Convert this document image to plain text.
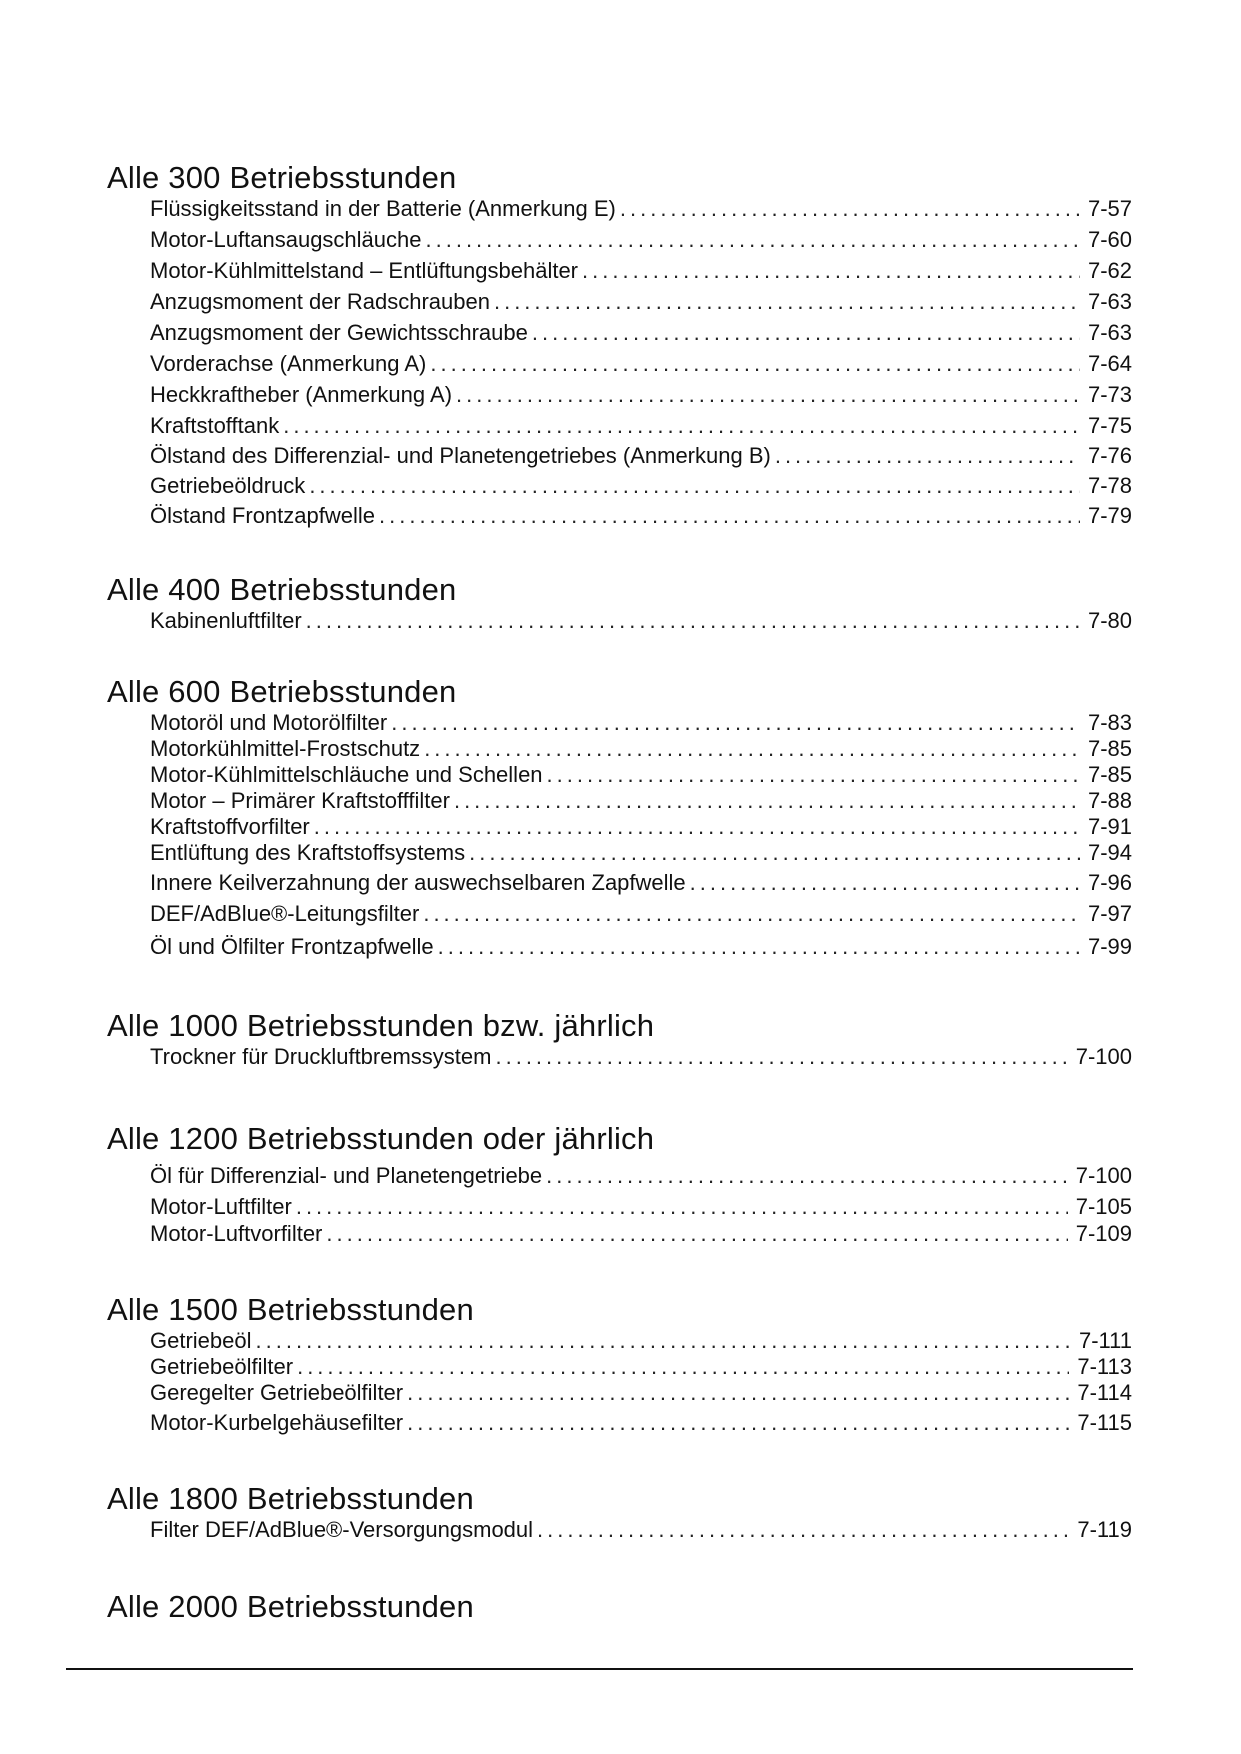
Alle 300 Betriebsstunden
Flüssigkeitsstand in der Batterie (Anmerkung E) .....	7-57
Motor-Luftansaugschläuche .....	7-60
Motor-Kühlmittelstand – Entlüftungsbehälter .....	7-62
Anzugsmoment der Radschrauben .....	7-63
Anzugsmoment der Gewichtsschraube .....	7-63
Vorderachse (Anmerkung A) .....	7-64
Heckkraftheber (Anmerkung A) .....	7-73
Kraftstofftank .....	7-75
Ölstand des Differenzial- und Planetengetriebes (Anmerkung B) .....	7-76
Getriebeöldruck .....	7-78
Ölstand Frontzapfwelle .....	7-79
Alle 400 Betriebsstunden
Kabinenluftfilter .....	7-80
Alle 600 Betriebsstunden
Motoröl und Motorölfilter .....	7-83
Motorkühlmittel-Frostschutz .....	7-85
Motor-Kühlmittelschläuche und Schellen .....	7-85
Motor – Primärer Kraftstofffilter .....	7-88
Kraftstoffvorfilter .....	7-91
Entlüftung des Kraftstoffsystems .....	7-94
Innere Keilverzahnung der auswechselbaren Zapfwelle .....	7-96
DEF/AdBlue®-Leitungsfilter .....	7-97
Öl und Ölfilter Frontzapfwelle .....	7-99
Alle 1000 Betriebsstunden bzw. jährlich
Trockner für Druckluftbremssystem .....	7-100
Alle 1200 Betriebsstunden oder jährlich
Öl für Differenzial- und Planetengetriebe .....	7-100
Motor-Luftfilter .....	7-105
Motor-Luftvorfilter .....	7-109
Alle 1500 Betriebsstunden
Getriebeöl .....	7-111
Getriebeölfilter .....	7-113
Geregelter Getriebeölfilter .....	7-114
Motor-Kurbelgehäusefilter .....	7-115
Alle 1800 Betriebsstunden
Filter DEF/AdBlue®-Versorgungsmodul .....	7-119
Alle 2000 Betriebsstunden
